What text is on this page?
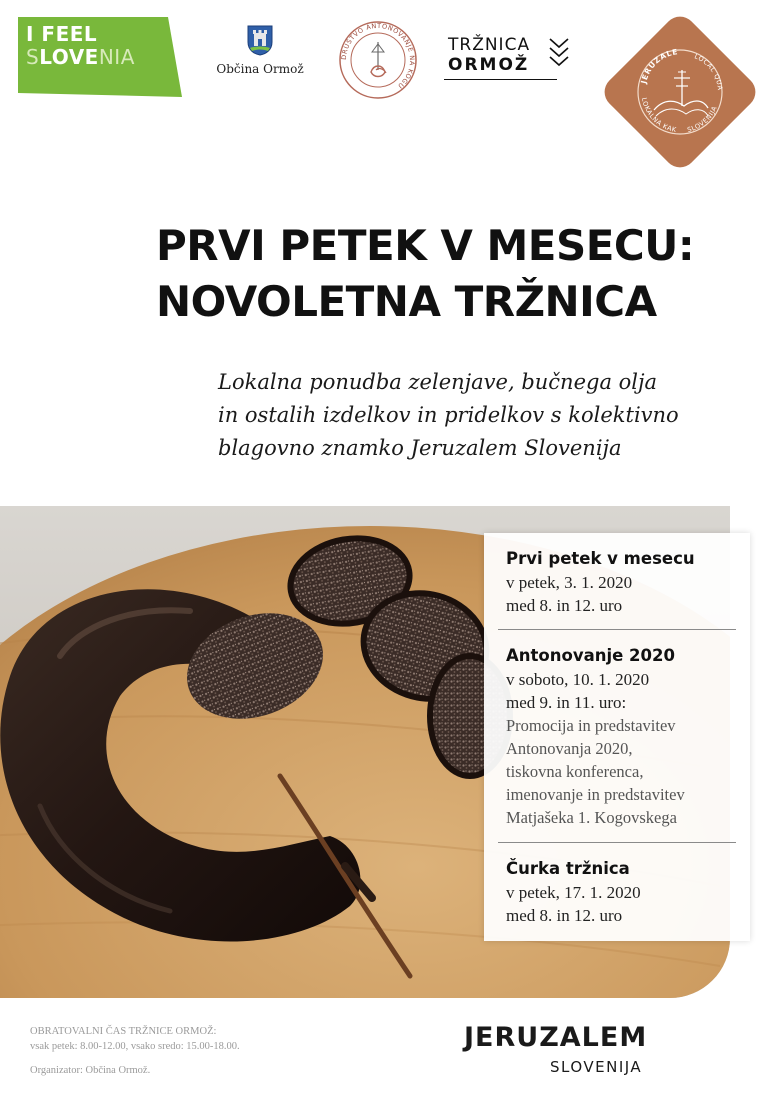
I FEEL
SLOVENIA	Občina Ormož
DRUŠTVO ANTONOVANJE NA KOGU
TRŽNICA
ORMOŽ
JERUZALE	LOCAL QUA
LOKALNA KAK SLOVENIJA
PRVI PETEK V MESECU:
NOVOLETNA TRŽNICA

Lokalna ponudba zelenjave, bučnega olja
in ostalih izdelkov in pridelkov s kolektivno
blagovno znamko Jeruzalem Slovenija

Prvi petek v mesecu
v petek, 3. 1. 2020
med 8. in 12. uro
Antonovanje 2020
v soboto, 10. 1. 2020
med 9. in 11. uro:
Promocija in predstavitev
Antonovanja 2020,
tiskovna konferenca,
imenovanje in predstavitev
Matjašeka 1. Kogovskega
Čurka tržnica
v petek, 17. 1. 2020
med 8. in 12. uro
OBRATOVALNI ČAS TRŽNICE ORMOŽ:
vsak petek: 8.00-12.00, vsako sredo: 15.00-18.00.
Organizator: Občina Ormož.
JERUZALEM
SLOVENIJA
